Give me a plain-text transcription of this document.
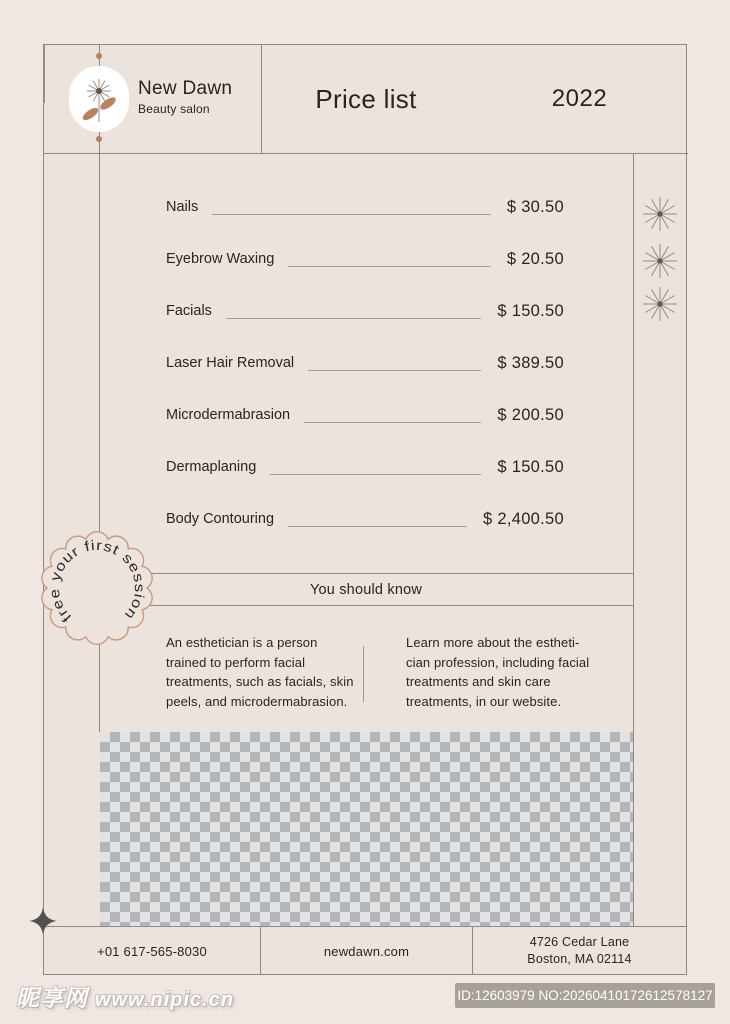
New Dawn
Beauty salon	Price list	2022
Nails	$ 30.50
Eyebrow Waxing	$ 20.50
Facials	$ 150.50
Laser Hair Removal	$ 389.50
Microdermabrasion	$ 200.50
Dermaplaning	$ 150.50
Body Contouring	$ 2,400.50
free your first session
You should know
An esthetician is a person
trained to perform facial
treatments, such as facials, skin
peels, and microdermabrasion.
Learn more about the estheti-
cian profession, including facial
treatments and skin care
treatments, in our website.
+01 617-565-8030	newdawn.com
4726 Cedar Lane
Boston, MA 02114
昵享网 www.nipic.cn	ID:12603979 NO:20260410172612578127
